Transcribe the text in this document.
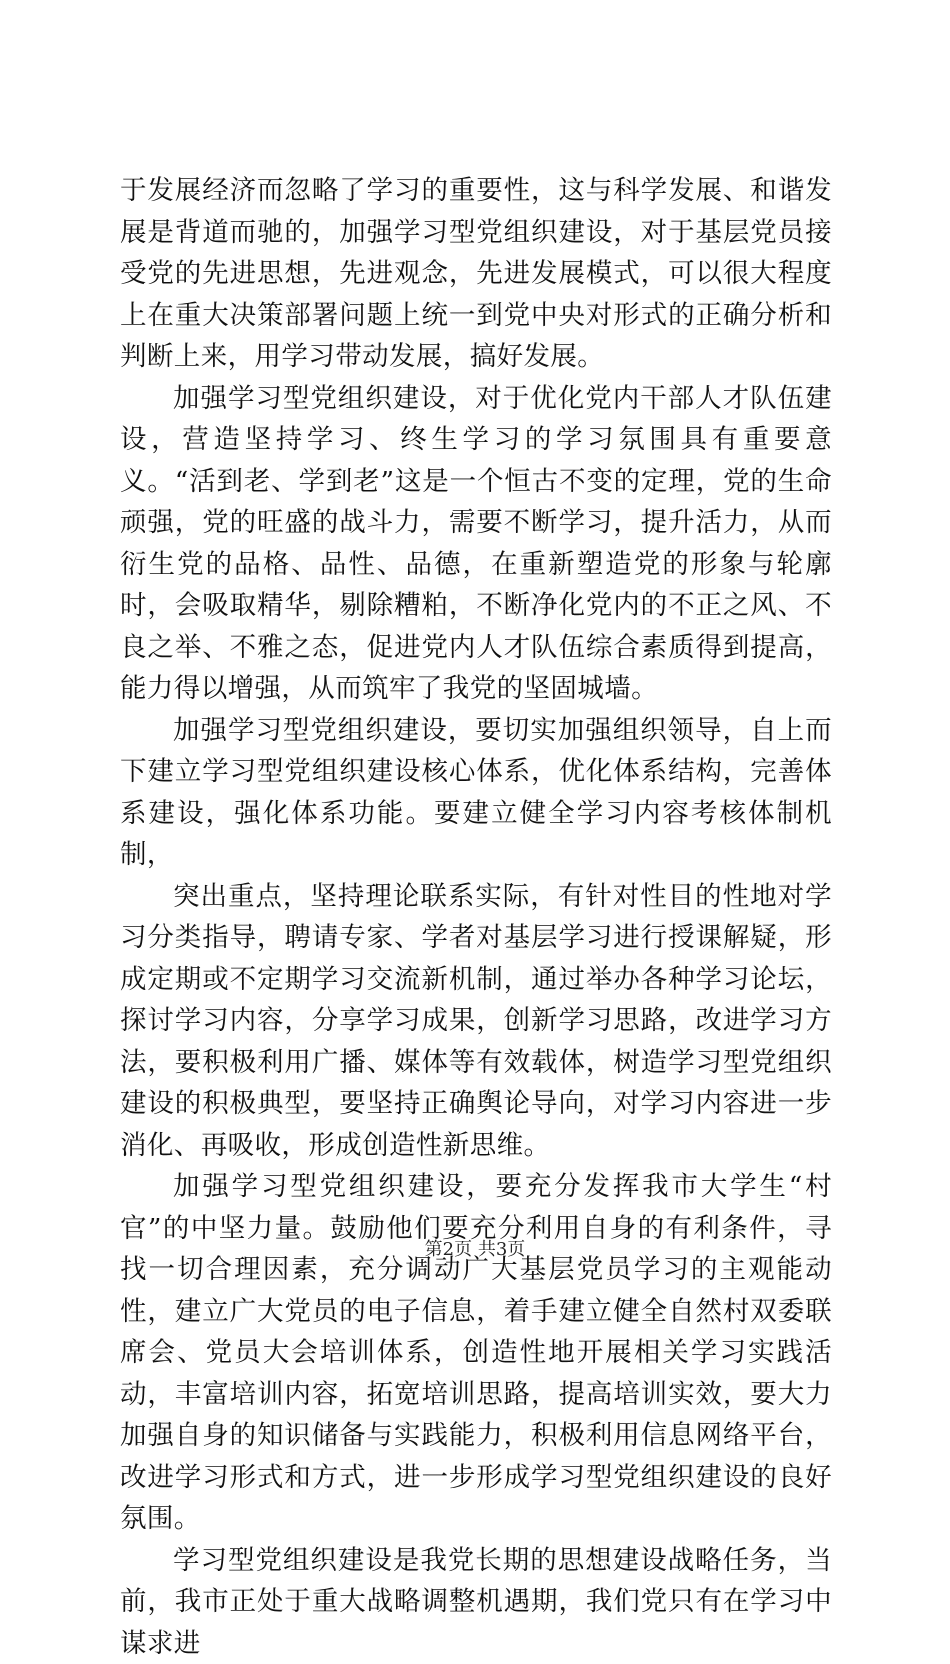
于发展经济而忽略了学习的重要性，这与科学发展、和谐发展是背道而驰的，加强学习型党组织建设，对于基层党员接受党的先进思想，先进观念，先进发展模式，可以很大程度上在重大决策部署问题上统一到党中央对形式的正确分析和判断上来，用学习带动发展，搞好发展。

加强学习型党组织建设，对于优化党内干部人才队伍建设，营造坚持学习、终生学习的学习氛围具有重要意义。“活到老、学到老”这是一个恒古不变的定理，党的生命顽强，党的旺盛的战斗力，需要不断学习，提升活力，从而衍生党的品格、品性、品德，在重新塑造党的形象与轮廓时，会吸取精华，剔除糟粕，不断净化党内的不正之风、不良之举、不雅之态，促进党内人才队伍综合素质得到提高，能力得以增强，从而筑牢了我党的坚固城墙。

加强学习型党组织建设，要切实加强组织领导，自上而下建立学习型党组织建设核心体系，优化体系结构，完善体系建设，强化体系功能。要建立健全学习内容考核体制机制，

突出重点，坚持理论联系实际，有针对性目的性地对学习分类指导，聘请专家、学者对基层学习进行授课解疑，形成定期或不定期学习交流新机制，通过举办各种学习论坛，探讨学习内容，分享学习成果，创新学习思路，改进学习方法，要积极利用广播、媒体等有效载体，树造学习型党组织建设的积极典型，要坚持正确舆论导向，对学习内容进一步消化、再吸收，形成创造性新思维。

加强学习型党组织建设，要充分发挥我市大学生“村官”的中坚力量。鼓励他们要充分利用自身的有利条件，寻找一切合理因素，充分调动广大基层党员学习的主观能动性，建立广大党员的电子信息，着手建立健全自然村双委联席会、党员大会培训体系，创造性地开展相关学习实践活动，丰富培训内容，拓宽培训思路，提高培训实效，要大力加强自身的知识储备与实践能力，积极利用信息网络平台，改进学习形式和方式，进一步形成学习型党组织建设的良好氛围。

学习型党组织建设是我党长期的思想建设战略任务，当前，我市正处于重大战略调整机遇期，我们党只有在学习中谋求进

第2页 共3页
